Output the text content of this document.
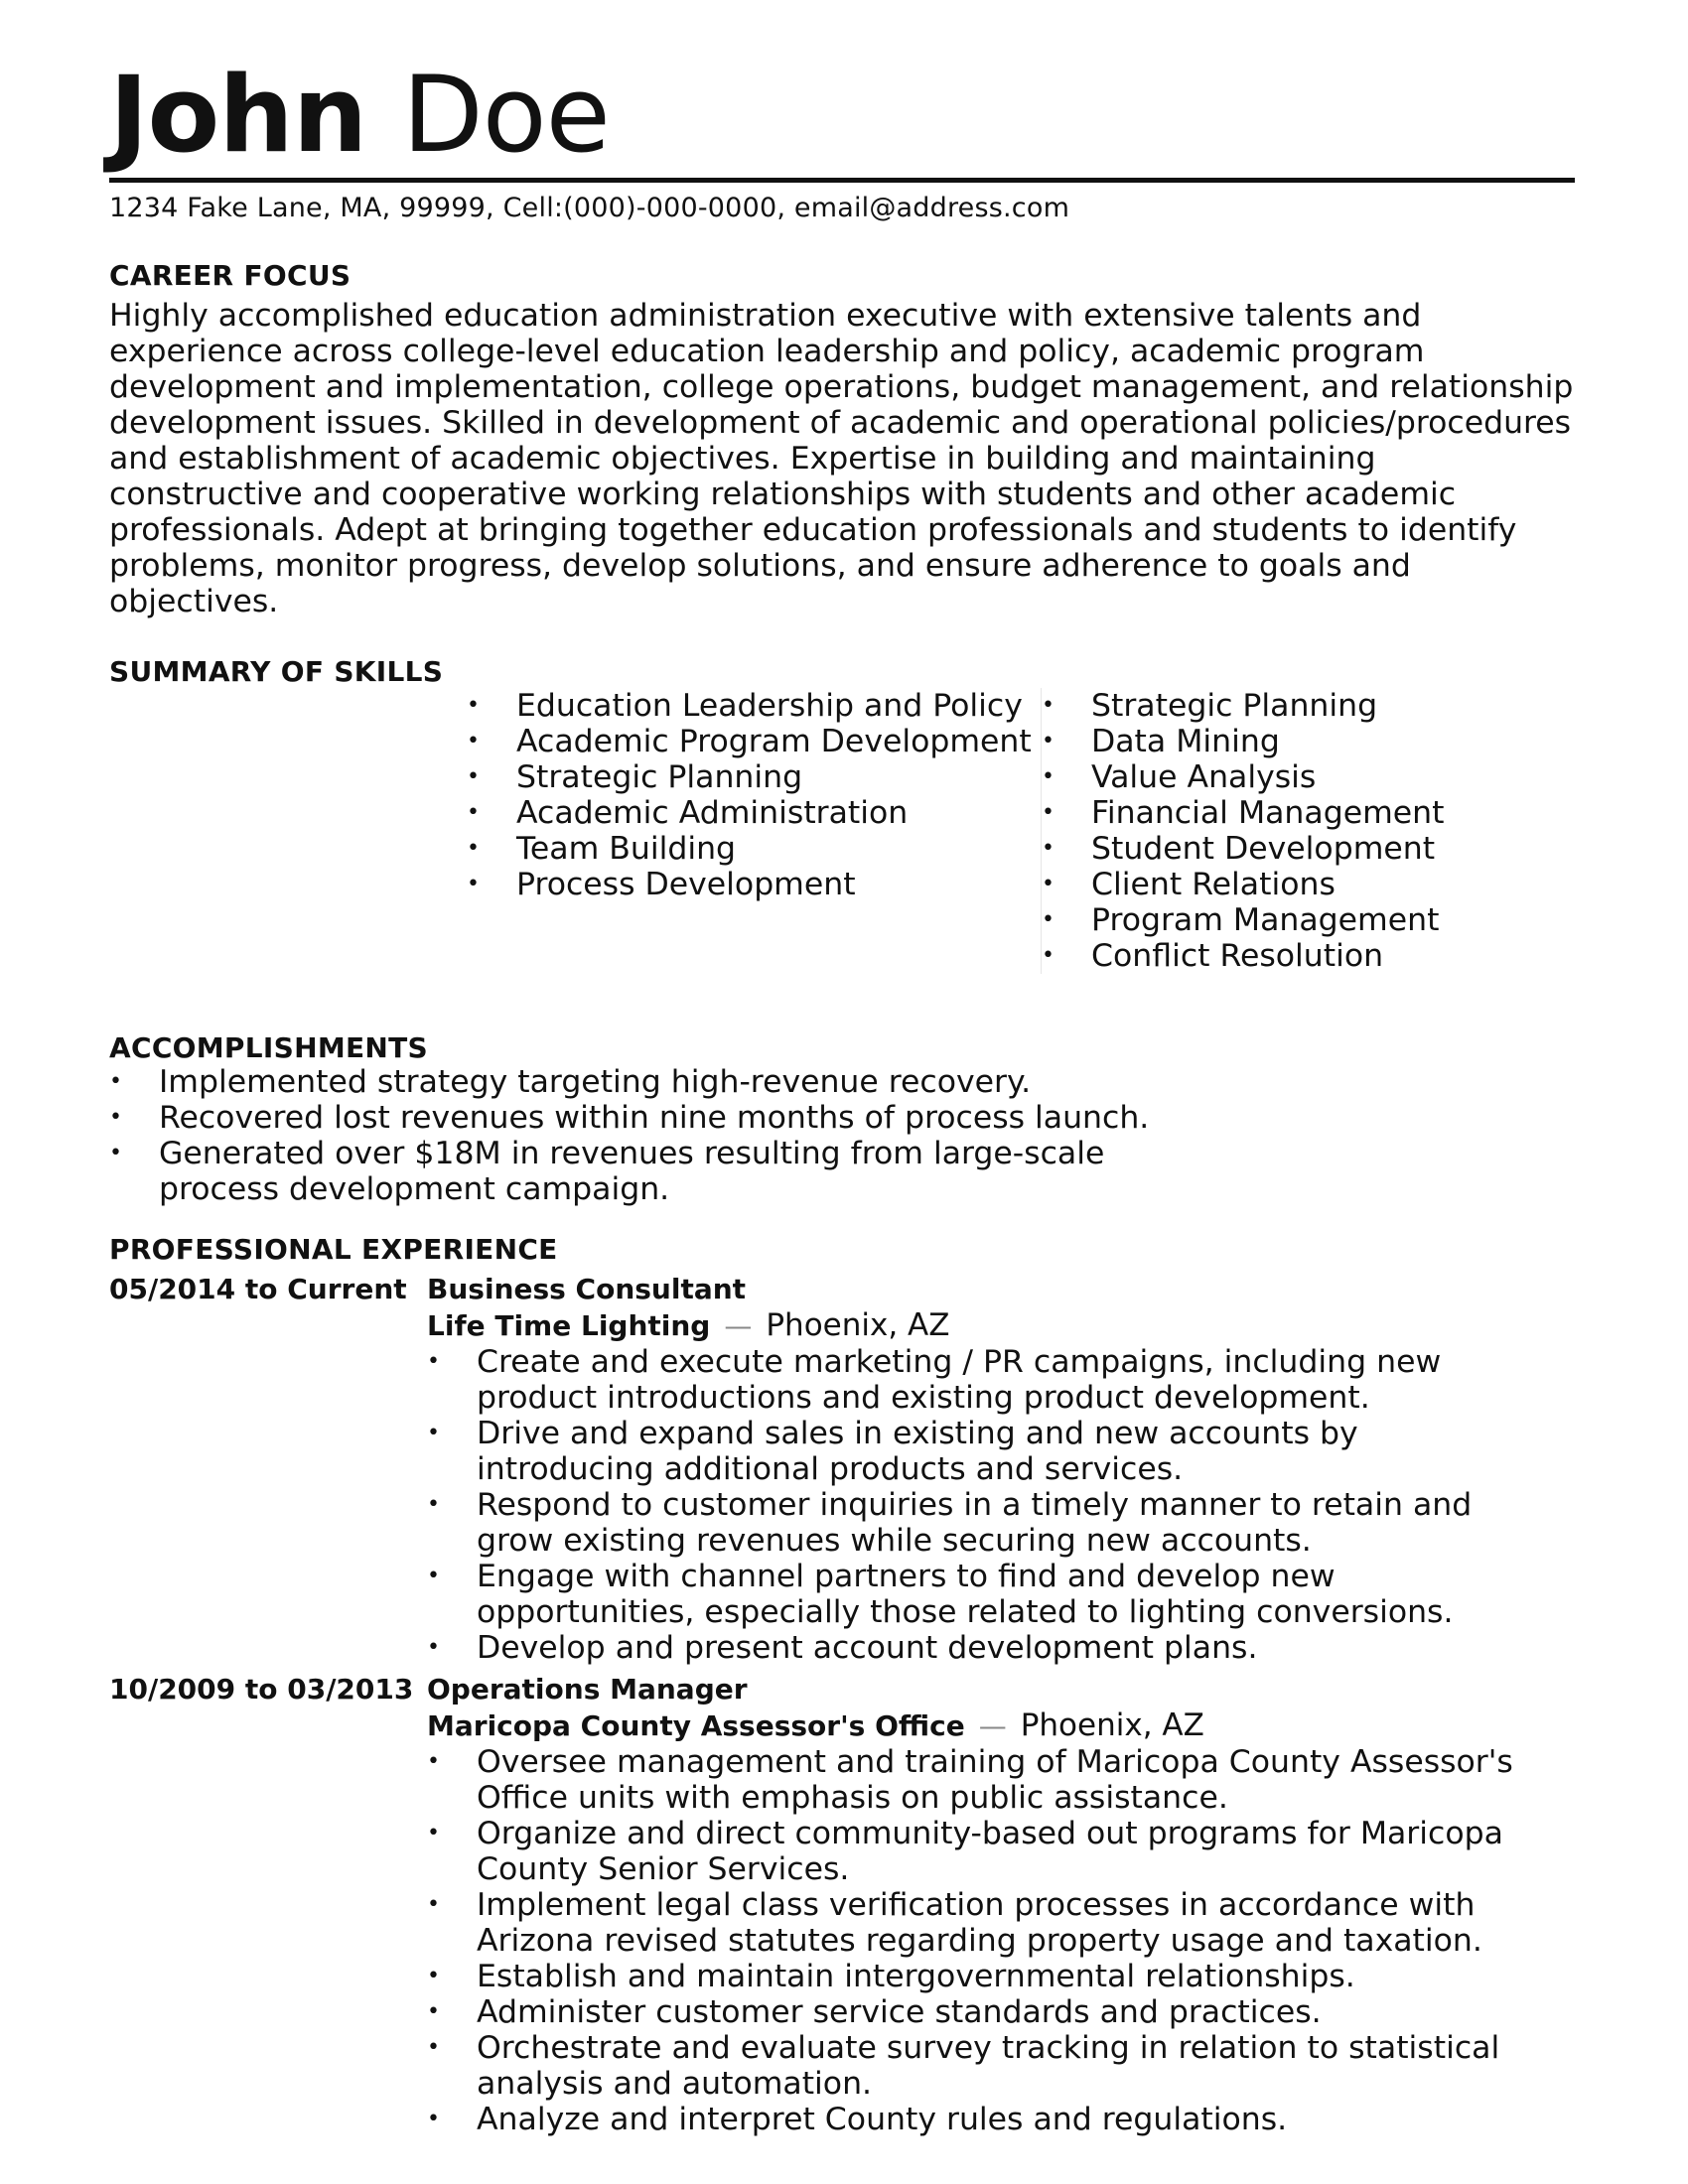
John Doe
1234 Fake Lane, MA, 99999, Cell:(000)-000-0000, email@address.com
CAREER FOCUS
Highly accomplished education administration executive with extensive talents and experience across college-level education leadership and policy, academic program development and implementation, college operations, budget management, and relationship development issues. Skilled in development of academic and operational policies/procedures and establishment of academic objectives. Expertise in building and maintaining constructive and cooperative working relationships with students and other academic professionals. Adept at bringing together education professionals and students to identify problems, monitor progress, develop solutions, and ensure adherence to goals and objectives.
SUMMARY OF SKILLS
• Education Leadership and Policy
• Academic Program Development
• Strategic Planning
• Academic Administration
• Team Building
• Process Development
• Strategic Planning
• Data Mining
• Value Analysis
• Financial Management
• Student Development
• Client Relations
• Program Management
• Conflict Resolution
ACCOMPLISHMENTS
•	Implemented strategy targeting high-revenue recovery.
•	Recovered lost revenues within nine months of process launch.
•	Generated over $18M in revenues resulting from large-scale process development campaign.
PROFESSIONAL EXPERIENCE
05/2014 to Current Business Consultant
Life Time Lighting — Phoenix, AZ
•	Create and execute marketing / PR campaigns, including new product introductions and existing product development.
•	Drive and expand sales in existing and new accounts by introducing additional products and services.
•	Respond to customer inquiries in a timely manner to retain and grow existing revenues while securing new accounts.
•	Engage with channel partners to find and develop new opportunities, especially those related to lighting conversions.
•	Develop and present account development plans.
10/2009 to 03/2013 Operations Manager
Maricopa County Assessor's Office — Phoenix, AZ
•	Oversee management and training of Maricopa County Assessor's Office units with emphasis on public assistance.
•	Organize and direct community-based out programs for Maricopa County Senior Services.
•	Implement legal class verification processes in accordance with Arizona revised statutes regarding property usage and taxation.
•	Establish and maintain intergovernmental relationships.
•	Administer customer service standards and practices.
•	Orchestrate and evaluate survey tracking in relation to statistical analysis and automation.
•	Analyze and interpret County rules and regulations.
